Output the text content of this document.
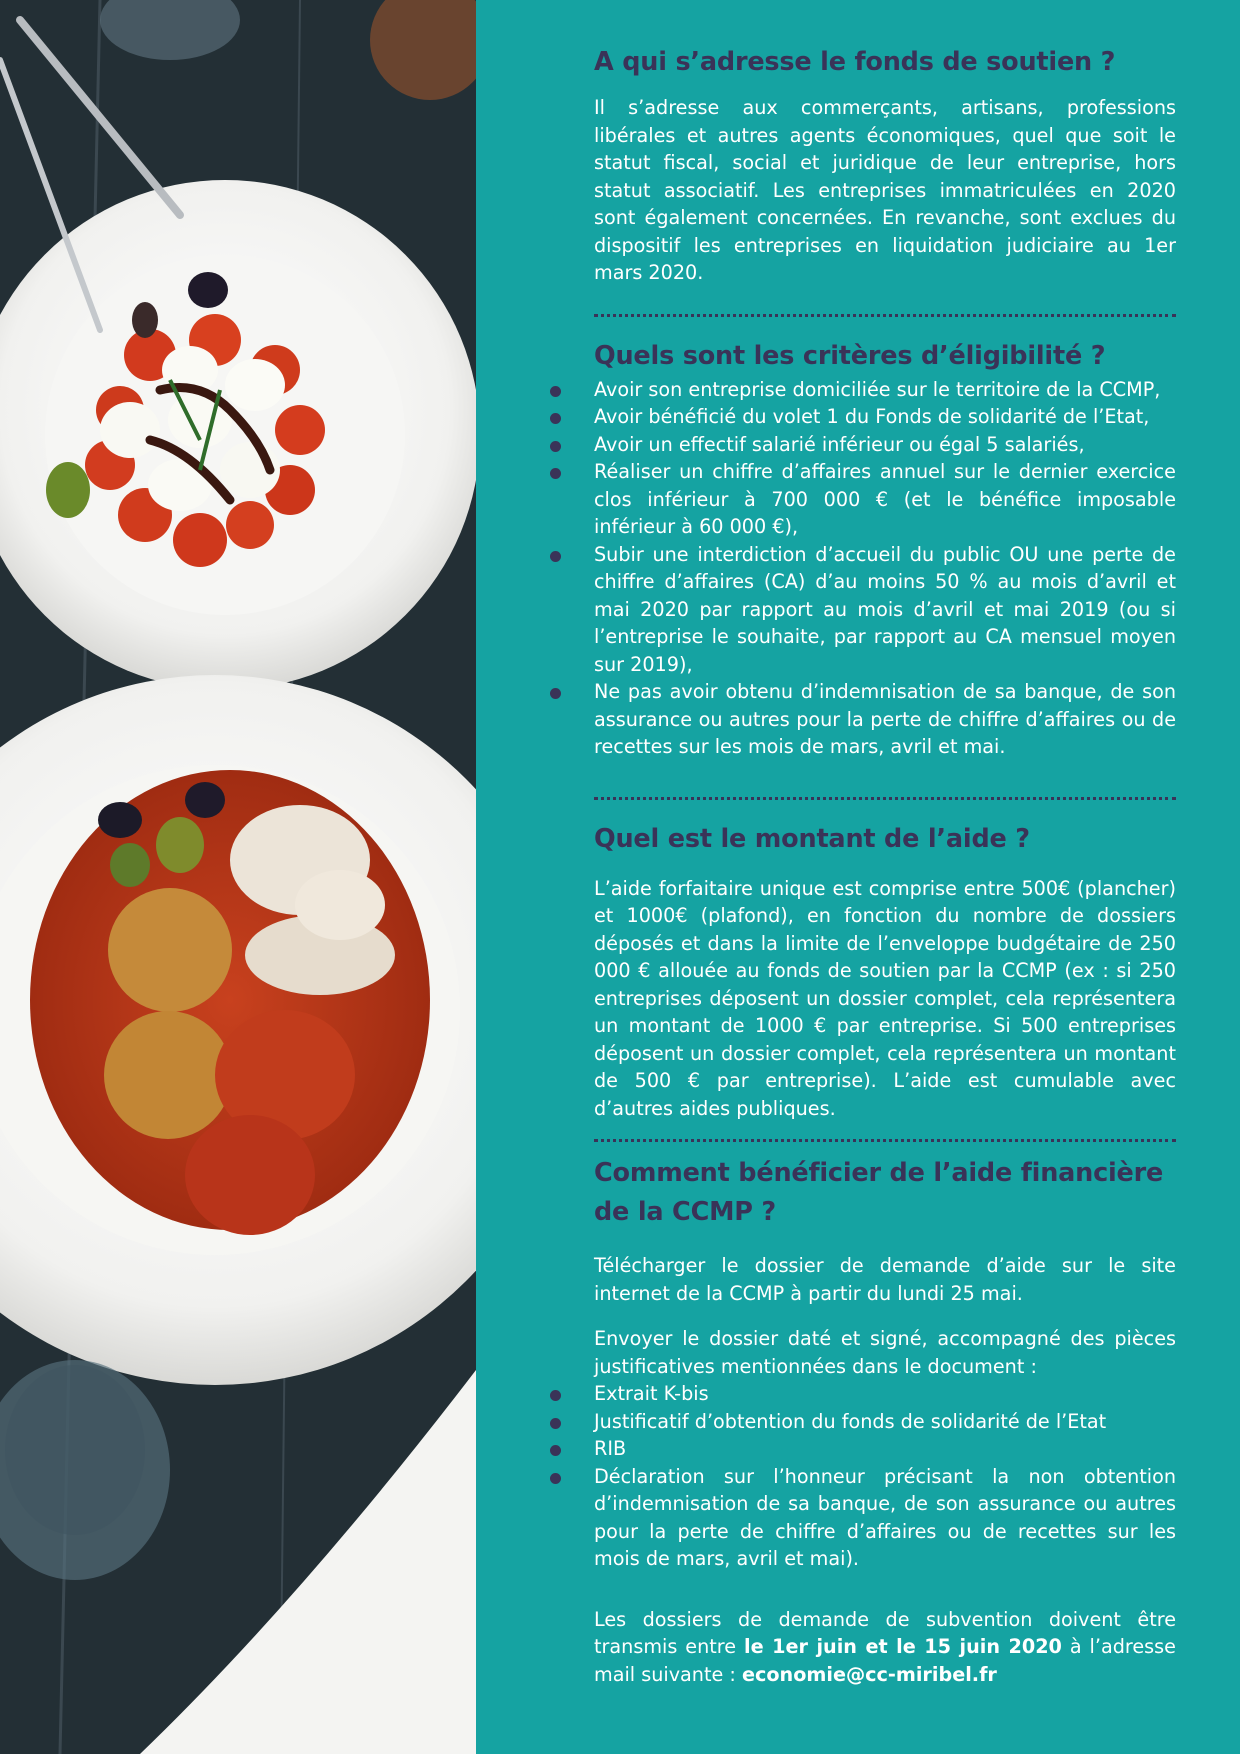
A qui s’adresse le fonds de soutien ?

Il s’adresse aux commerçants, artisans, professions libérales et autres agents économiques, quel que soit le statut fiscal, social et juridique de leur entreprise, hors statut associatif. Les entreprises immatriculées en 2020 sont également concernées. En revanche, sont exclues du dispositif les entreprises en liquidation judiciaire au 1er mars 2020.

Quels sont les critères d’éligibilité ?
Avoir son entreprise domiciliée sur le territoire de la CCMP,
Avoir bénéficié du volet 1 du Fonds de solidarité de l’Etat,
Avoir un effectif salarié inférieur ou égal 5 salariés,
Réaliser un chiffre d’affaires annuel sur le dernier exercice clos inférieur à 700 000 € (et le bénéfice imposable inférieur à 60 000 €),
Subir une interdiction d’accueil du public OU une perte de chiffre d’affaires (CA) d’au moins 50 % au mois d’avril et mai 2020 par rapport au mois d’avril et mai 2019 (ou si l’entreprise le souhaite, par rapport au CA mensuel moyen sur 2019),
Ne pas avoir obtenu d’indemnisation de sa banque, de son assurance ou autres pour la perte de chiffre d’affaires ou de recettes sur les mois de mars, avril et mai.
Quel est le montant de l’aide ?

L’aide forfaitaire unique est comprise entre 500€ (plancher) et 1000€ (plafond), en fonction du nombre de dossiers déposés et dans la limite de l’enveloppe budgétaire de 250 000 € allouée au fonds de soutien par la CCMP (ex : si 250 entreprises déposent un dossier complet, cela représentera un montant de 1000 € par entreprise. Si 500 entreprises déposent un dossier complet, cela représentera un montant de 500 € par entreprise). L’aide est cumulable avec d’autres aides publiques.

Comment bénéficier de l’aide financière de la CCMP ?

Télécharger le dossier de demande d’aide sur le site internet de la CCMP à partir du lundi 25 mai.

Envoyer le dossier daté et signé, accompagné des pièces justificatives mentionnées dans le document :

Extrait K-bis
Justificatif d’obtention du fonds de solidarité de l’Etat
RIB
Déclaration sur l’honneur précisant la non obtention d’indemnisation de sa banque, de son assurance ou autres pour la perte de chiffre d’affaires ou de recettes sur les mois de mars, avril et mai).

Les dossiers de demande de subvention doivent être transmis entre le 1er juin et le 15 juin 2020 à l’adresse mail suivante : economie@cc-miribel.fr
